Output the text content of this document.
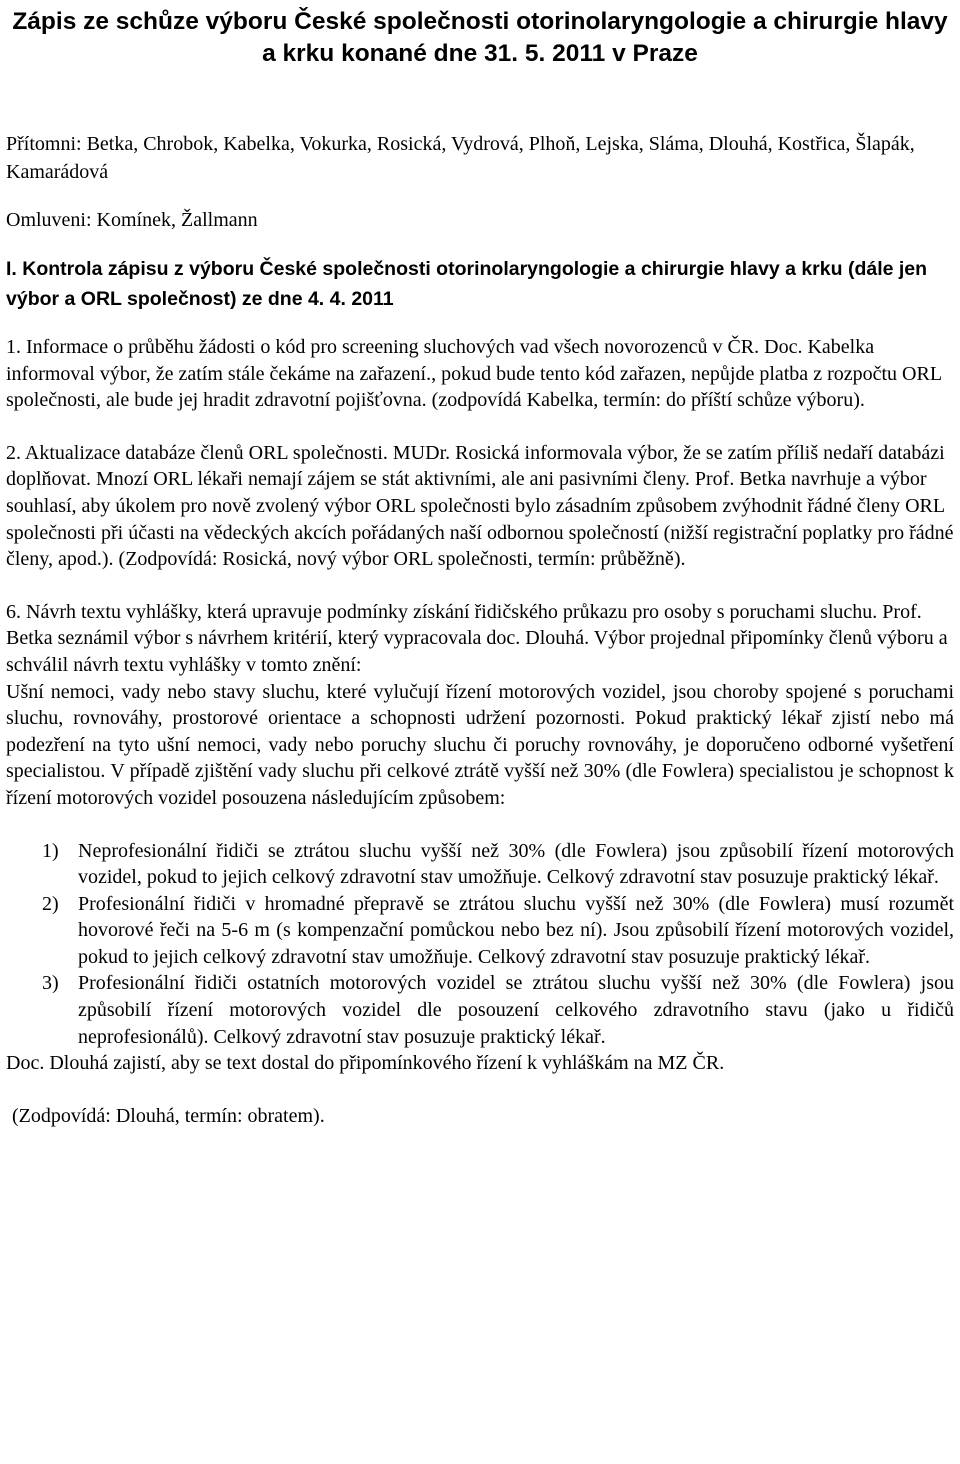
Zápis ze schůze výboru České společnosti otorinolaryngologie a chirurgie hlavy a krku konané dne 31. 5. 2011 v Praze

Přítomni: Betka, Chrobok, Kabelka, Vokurka, Rosická, Vydrová, Plhoň, Lejska, Sláma, Dlouhá, Kostřica, Šlapák, Kamarádová

Omluveni: Komínek, Žallmann

I. Kontrola zápisu z výboru České společnosti otorinolaryngologie a chirurgie hlavy a krku (dále jen výbor a ORL společnost) ze dne 4. 4. 2011

1. Informace o průběhu žádosti o kód pro screening sluchových vad všech novorozenců v ČR. Doc. Kabelka informoval výbor, že zatím stále čekáme na zařazení., pokud bude tento kód zařazen, nepůjde platba z rozpočtu ORL společnosti, ale bude jej hradit zdravotní pojišťovna. (zodpovídá Kabelka, termín: do příští schůze výboru).

2. Aktualizace databáze členů ORL společnosti. MUDr. Rosická informovala výbor, že se zatím příliš nedaří databázi doplňovat. Mnozí ORL lékaři nemají zájem se stát aktivními, ale ani pasivními členy. Prof. Betka navrhuje a výbor souhlasí, aby úkolem pro nově zvolený výbor ORL společnosti bylo zásadním způsobem zvýhodnit řádné členy ORL společnosti při účasti na vědeckých akcích pořádaných naší odbornou společností (nižší registrační poplatky pro řádné členy, apod.). (Zodpovídá: Rosická, nový výbor ORL společnosti, termín: průběžně).

6. Návrh textu vyhlášky, která upravuje podmínky získání řidičského průkazu pro osoby s poruchami sluchu. Prof. Betka seznámil výbor s návrhem kritérií, který vypracovala doc. Dlouhá. Výbor projednal připomínky členů výboru a schválil návrh textu vyhlášky v tomto znění:

Ušní nemoci, vady nebo stavy sluchu, které vylučují řízení motorových vozidel, jsou choroby spojené s poruchami sluchu, rovnováhy, prostorové orientace a schopnosti udržení pozornosti. Pokud praktický lékař zjistí nebo má podezření na tyto ušní nemoci, vady nebo poruchy sluchu či poruchy rovnováhy, je doporučeno odborné vyšetření specialistou. V případě zjištění vady sluchu při celkové ztrátě vyšší než 30% (dle Fowlera) specialistou je schopnost k řízení motorových vozidel posouzena následujícím způsobem:

1) Neprofesionální řidiči se ztrátou sluchu vyšší než 30% (dle Fowlera) jsou způsobilí řízení motorových vozidel, pokud to jejich celkový zdravotní stav umožňuje. Celkový zdravotní stav posuzuje praktický lékař.
2) Profesionální řidiči v hromadné přepravě se ztrátou sluchu vyšší než 30% (dle Fowlera) musí rozumět hovorové řeči na 5-6 m (s kompenzační pomůckou nebo bez ní). Jsou způsobilí řízení motorových vozidel, pokud to jejich celkový zdravotní stav umožňuje. Celkový zdravotní stav posuzuje praktický lékař.
3) Profesionální řidiči ostatních motorových vozidel se ztrátou sluchu vyšší než 30% (dle Fowlera) jsou způsobilí řízení motorových vozidel dle posouzení celkového zdravotního stavu (jako u řidičů neprofesionálů). Celkový zdravotní stav posuzuje praktický lékař.

Doc. Dlouhá zajistí, aby se text dostal do připomínkového řízení k vyhláškám na MZ ČR.

(Zodpovídá: Dlouhá, termín: obratem).
